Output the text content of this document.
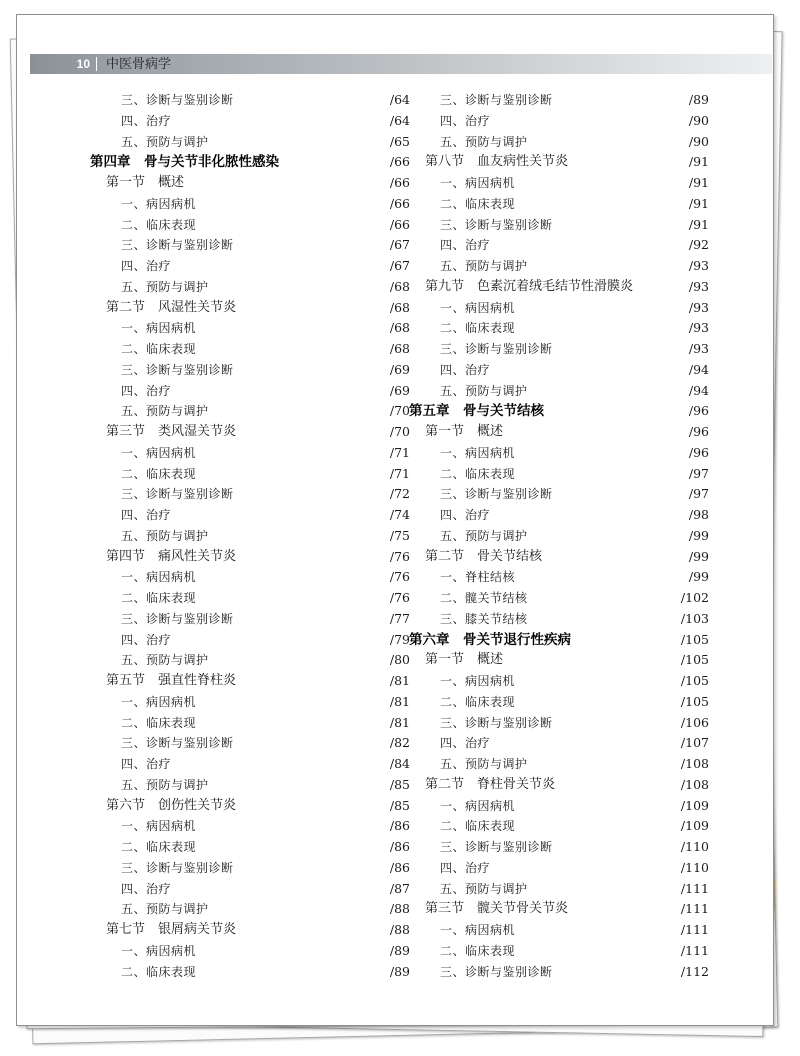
10 中医骨病学
三、诊断与鉴别诊断	/64
四、治疗	/64
五、预防与调护	/65
第四章　骨与关节非化脓性感染	/66
第一节　概述	/66
一、病因病机	/66
二、临床表现	/66
三、诊断与鉴别诊断	/67
四、治疗	/67
五、预防与调护	/68
第二节　风湿性关节炎	/68
一、病因病机	/68
二、临床表现	/68
三、诊断与鉴别诊断	/69
四、治疗	/69
五、预防与调护	/70
第三节　类风湿关节炎	/70
一、病因病机	/71
二、临床表现	/71
三、诊断与鉴别诊断	/72
四、治疗	/74
五、预防与调护	/75
第四节　痛风性关节炎	/76
一、病因病机	/76
二、临床表现	/76
三、诊断与鉴别诊断	/77
四、治疗	/79
五、预防与调护	/80
第五节　强直性脊柱炎	/81
一、病因病机	/81
二、临床表现	/81
三、诊断与鉴别诊断	/82
四、治疗	/84
五、预防与调护	/85
第六节　创伤性关节炎	/85
一、病因病机	/86
二、临床表现	/86
三、诊断与鉴别诊断	/86
四、治疗	/87
五、预防与调护	/88
第七节　银屑病关节炎	/88
一、病因病机	/89
二、临床表现	/89
三、诊断与鉴别诊断	/89
四、治疗	/90
五、预防与调护	/90
第八节　血友病性关节炎	/91
一、病因病机	/91
二、临床表现	/91
三、诊断与鉴别诊断	/91
四、治疗	/92
五、预防与调护	/93
第九节　色素沉着绒毛结节性滑膜炎	/93
一、病因病机	/93
二、临床表现	/93
三、诊断与鉴别诊断	/93
四、治疗	/94
五、预防与调护	/94
第五章　骨与关节结核	/96
第一节　概述	/96
一、病因病机	/96
二、临床表现	/97
三、诊断与鉴别诊断	/97
四、治疗	/98
五、预防与调护	/99
第二节　骨关节结核	/99
一、脊柱结核	/99
二、髋关节结核	/102
三、膝关节结核	/103
第六章　骨关节退行性疾病	/105
第一节　概述	/105
一、病因病机	/105
二、临床表现	/105
三、诊断与鉴别诊断	/106
四、治疗	/107
五、预防与调护	/108
第二节　脊柱骨关节炎	/108
一、病因病机	/109
二、临床表现	/109
三、诊断与鉴别诊断	/110
四、治疗	/110
五、预防与调护	/111
第三节　髋关节骨关节炎	/111
一、病因病机	/111
二、临床表现	/111
三、诊断与鉴别诊断	/112
